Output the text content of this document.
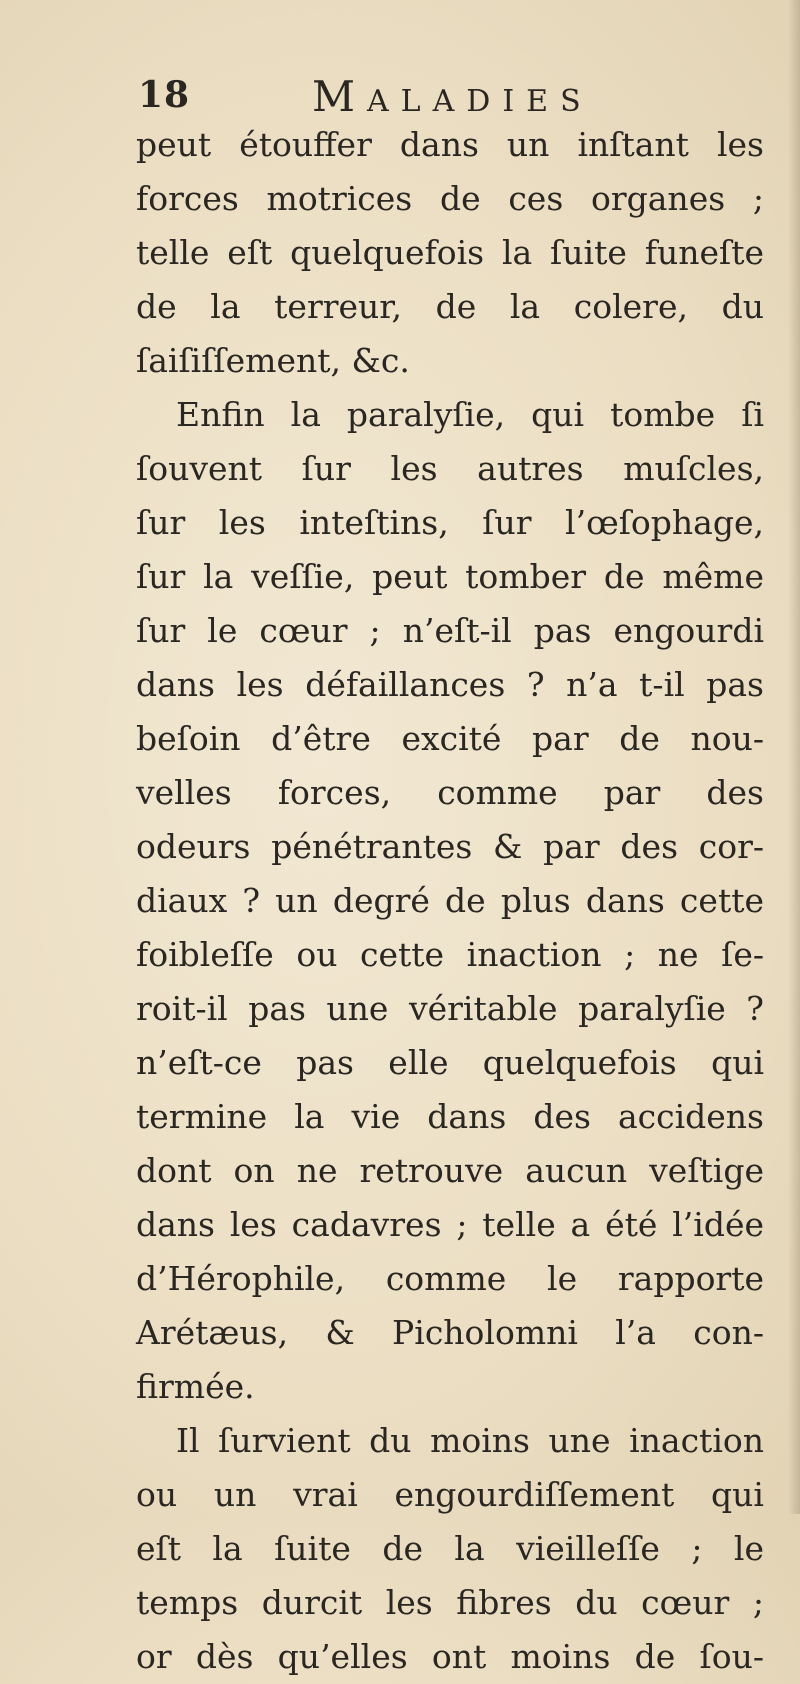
18	MALADIES
peut étouffer dans un inſtant les
forces motrices de ces organes ;
telle eſt quelquefois la ſuite funeſte
de la terreur, de la colere, du
ſaiſiſſement, &c.
Enfin la paralyſie, qui tombe ſi
ſouvent ſur les autres muſcles,
ſur les inteſtins, ſur l’œſophage,
ſur la veſſie, peut tomber de même
ſur le cœur ; n’eſt-il pas engourdi
dans les défaillances ? n’a t-il pas
beſoin d’être excité par de nou-
velles forces, comme par des
odeurs pénétrantes & par des cor-
diaux ? un degré de plus dans cette
foibleſſe ou cette inaction ; ne ſe-
roit-il pas une véritable paralyſie ?
n’eſt-ce pas elle quelquefois qui
termine la vie dans des accidens
dont on ne retrouve aucun veſtige
dans les cadavres ; telle a été l’idée
d’Hérophile, comme le rapporte
Arétæus, & Picholomni l’a con-
firmée.
Il ſurvient du moins une inaction
ou un vrai engourdiſſement qui
eſt la ſuite de la vieilleſſe ; le
temps durcit les fibres du cœur ;
or dès qu’elles ont moins de ſou-
